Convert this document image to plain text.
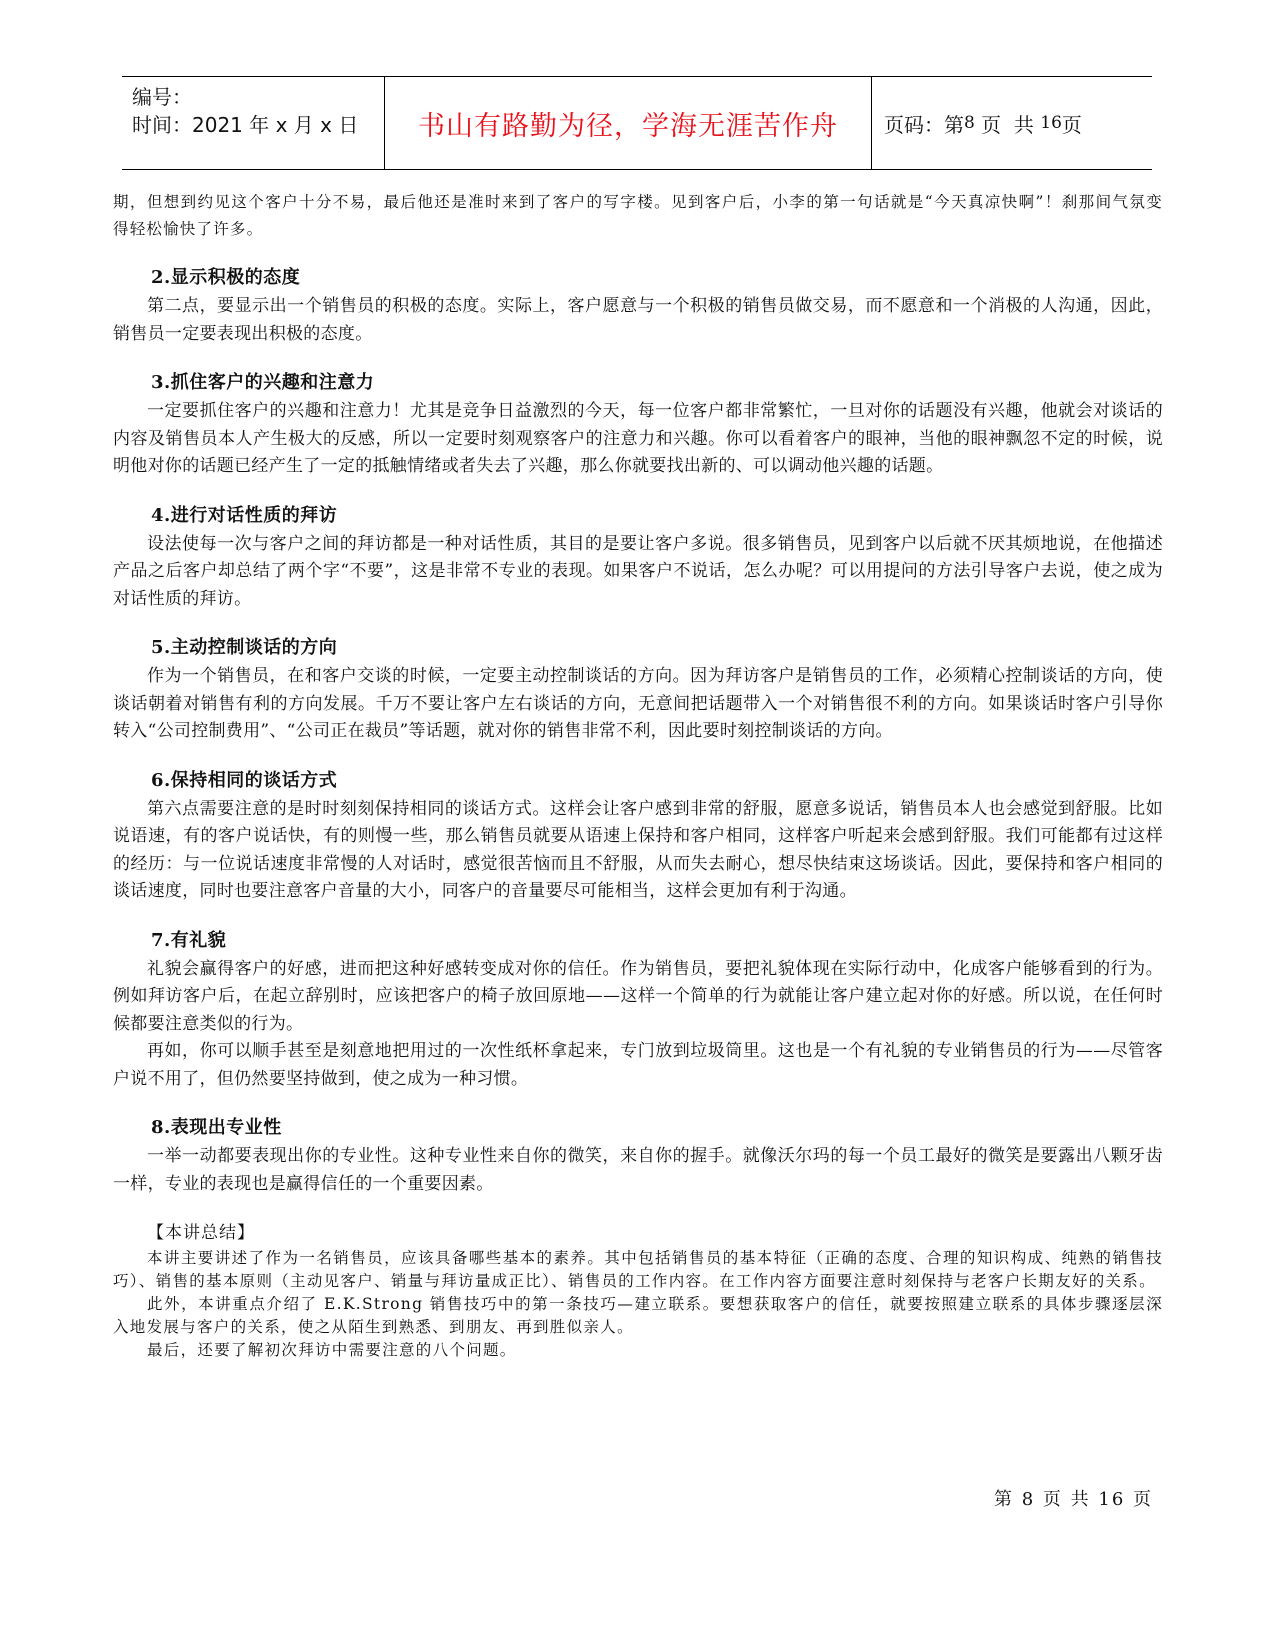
编号：
时间：2021 年 x 月 x 日 书山有路勤为径，学海无涯苦作舟 页码：第 8 页  共 16 页

期，但想到约见这个客户十分不易，最后他还是准时来到了客户的写字楼。见到客户后，小李的第一句话就是“今天真凉快啊”！刹那间气氛变得轻松愉快了许多。

2.显示积极的态度

第二点，要显示出一个销售员的积极的态度。实际上，客户愿意与一个积极的销售员做交易，而不愿意和一个消极的人沟通，因此，销售员一定要表现出积极的态度。

3.抓住客户的兴趣和注意力

一定要抓住客户的兴趣和注意力！尤其是竞争日益激烈的今天，每一位客户都非常繁忙，一旦对你的话题没有兴趣，他就会对谈话的内容及销售员本人产生极大的反感，所以一定要时刻观察客户的注意力和兴趣。你可以看着客户的眼神，当他的眼神飘忽不定的时候，说明他对你的话题已经产生了一定的抵触情绪或者失去了兴趣，那么你就要找出新的、可以调动他兴趣的话题。

4.进行对话性质的拜访

设法使每一次与客户之间的拜访都是一种对话性质，其目的是要让客户多说。很多销售员，见到客户以后就不厌其烦地说，在他描述产品之后客户却总结了两个字“不要”，这是非常不专业的表现。如果客户不说话，怎么办呢？可以用提问的方法引导客户去说，使之成为对话性质的拜访。

5.主动控制谈话的方向

作为一个销售员，在和客户交谈的时候，一定要主动控制谈话的方向。因为拜访客户是销售员的工作，必须精心控制谈话的方向，使谈话朝着对销售有利的方向发展。千万不要让客户左右谈话的方向，无意间把话题带入一个对销售很不利的方向。如果谈话时客户引导你转入“公司控制费用”、“公司正在裁员”等话题，就对你的销售非常不利，因此要时刻控制谈话的方向。

6.保持相同的谈话方式

第六点需要注意的是时时刻刻保持相同的谈话方式。这样会让客户感到非常的舒服，愿意多说话，销售员本人也会感觉到舒服。比如说语速，有的客户说话快，有的则慢一些，那么销售员就要从语速上保持和客户相同，这样客户听起来会感到舒服。我们可能都有过这样的经历：与一位说话速度非常慢的人对话时，感觉很苦恼而且不舒服，从而失去耐心，想尽快结束这场谈话。因此，要保持和客户相同的谈话速度，同时也要注意客户音量的大小，同客户的音量要尽可能相当，这样会更加有利于沟通。

7.有礼貌

礼貌会赢得客户的好感，进而把这种好感转变成对你的信任。作为销售员，要把礼貌体现在实际行动中，化成客户能够看到的行为。例如拜访客户后，在起立辞别时，应该把客户的椅子放回原地——这样一个简单的行为就能让客户建立起对你的好感。所以说，在任何时候都要注意类似的行为。

再如，你可以顺手甚至是刻意地把用过的一次性纸杯拿起来，专门放到垃圾筒里。这也是一个有礼貌的专业销售员的行为——尽管客户说不用了，但仍然要坚持做到，使之成为一种习惯。

8.表现出专业性

一举一动都要表现出你的专业性。这种专业性来自你的微笑，来自你的握手。就像沃尔玛的每一个员工最好的微笑是要露出八颗牙齿一样，专业的表现也是赢得信任的一个重要因素。

【本讲总结】

本讲主要讲述了作为一名销售员，应该具备哪些基本的素养。其中包括销售员的基本特征（正确的态度、合理的知识构成、纯熟的销售技巧）、销售的基本原则（主动见客户、销量与拜访量成正比）、销售员的工作内容。在工作内容方面要注意时刻保持与老客户长期友好的关系。

此外，本讲重点介绍了 E.K.Strong 销售技巧中的第一条技巧—建立联系。要想获取客户的信任，就要按照建立联系的具体步骤逐层深入地发展与客户的关系，使之从陌生到熟悉、到朋友、再到胜似亲人。

最后，还要了解初次拜访中需要注意的八个问题。

第 8 页 共 16 页
